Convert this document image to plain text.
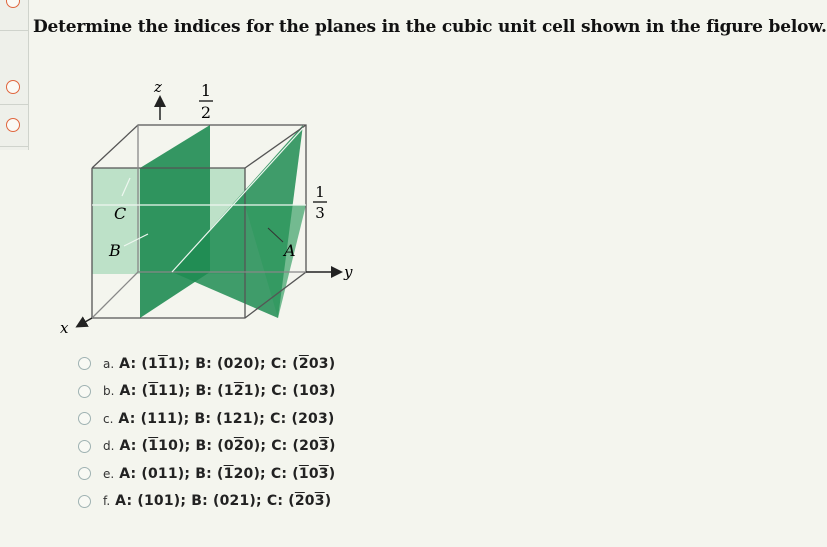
Determine the indices for the planes in the cubic unit cell shown in the figure below.
z
y
x
1
2
1
3
C
B	A
a. A: (111); B: (020); C: (203)
b. A: (111); B: (121); C: (103)
c. A: (111); B: (121); C: (203)
d. A: (110); B: (020); C: (203)
e. A: (011); B: (120); C: (103)
f. A: (101); B: (021); C: (203)
